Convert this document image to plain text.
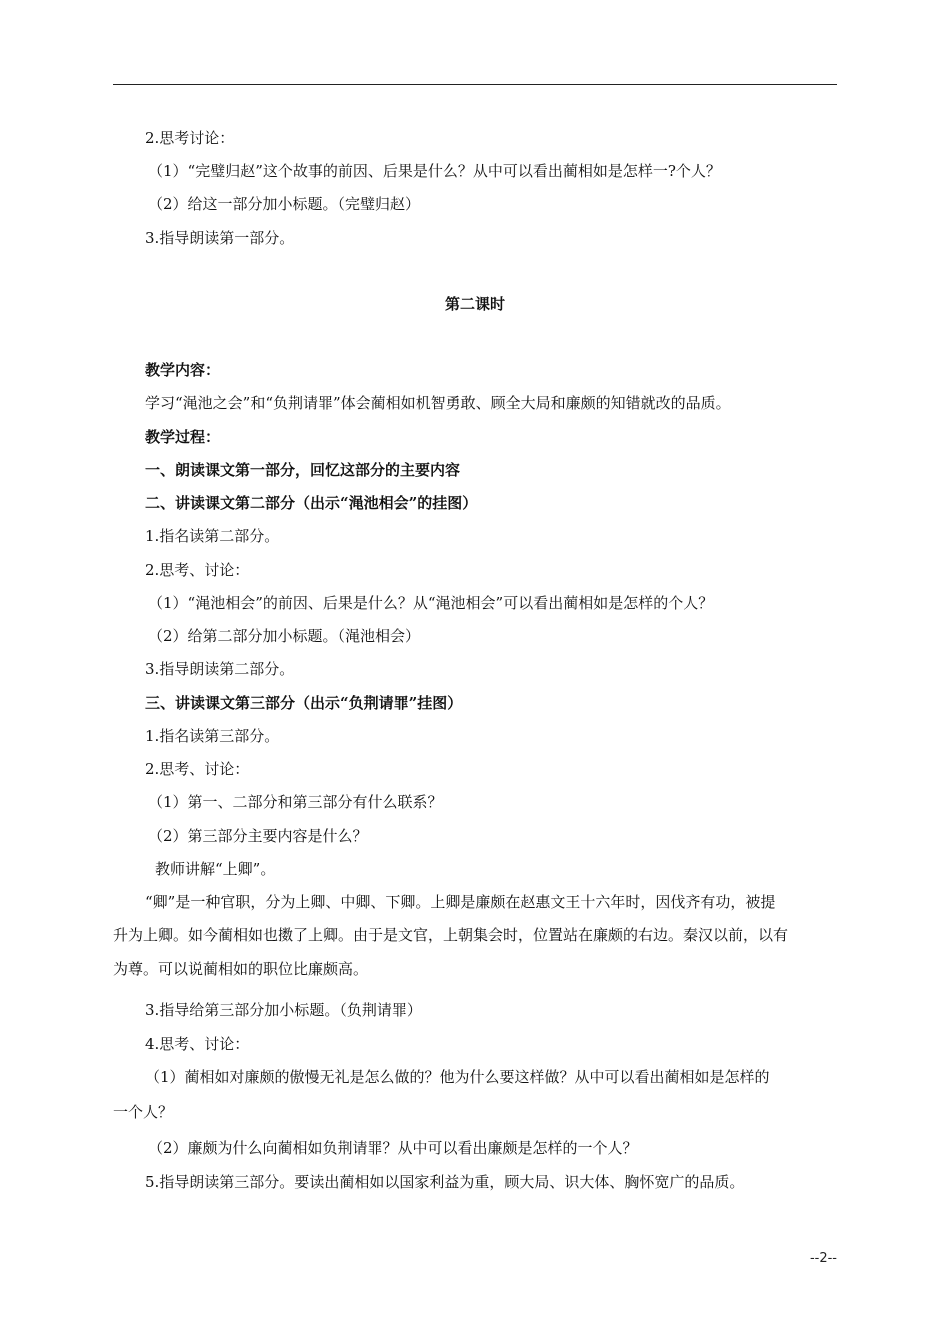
2.思考讨论：
（1）“完璧归赵”这个故事的前因、后果是什么？从中可以看出蔺相如是怎样一?个人？
（2）给这一部分加小标题。（完璧归赵）
3.指导朗读第一部分。
第二课时
教学内容：
学习“渑池之会”和“负荆请罪”体会蔺相如机智勇敢、顾全大局和廉颇的知错就改的品质。
教学过程：
一、朗读课文第一部分，回忆这部分的主要内容
二、讲读课文第二部分（出示“渑池相会”的挂图）
1.指名读第二部分。
2.思考、讨论：
（1）“渑池相会”的前因、后果是什么？从“渑池相会”可以看出蔺相如是怎样的个人？
（2）给第二部分加小标题。（渑池相会）
3.指导朗读第二部分。
三、讲读课文第三部分（出示“负荆请罪”挂图）
1.指名读第三部分。
2.思考、讨论：
（1）第一、二部分和第三部分有什么联系？
（2）第三部分主要内容是什么？
教师讲解“上卿”。
“卿”是一种官职，分为上卿、中卿、下卿。上卿是廉颇在赵惠文王十六年时，因伐齐有功，被提
升为上卿。如今蔺相如也擞了上卿。由于是文官，上朝集会时，位置站在廉颇的右边。秦汉以前，以有
为尊。可以说蔺相如的职位比廉颇高。
3.指导给第三部分加小标题。（负荆请罪）
4.思考、讨论：
（1）蔺相如对廉颇的傲慢无礼是怎么做的？他为什么要这样做？从中可以看出蔺相如是怎样的
一个人？
（2）廉颇为什么向蔺相如负荆请罪？从中可以看出廉颇是怎样的一个人？
5.指导朗读第三部分。要读出蔺相如以国家利益为重，顾大局、识大体、胸怀宽广的品质。
--2--
